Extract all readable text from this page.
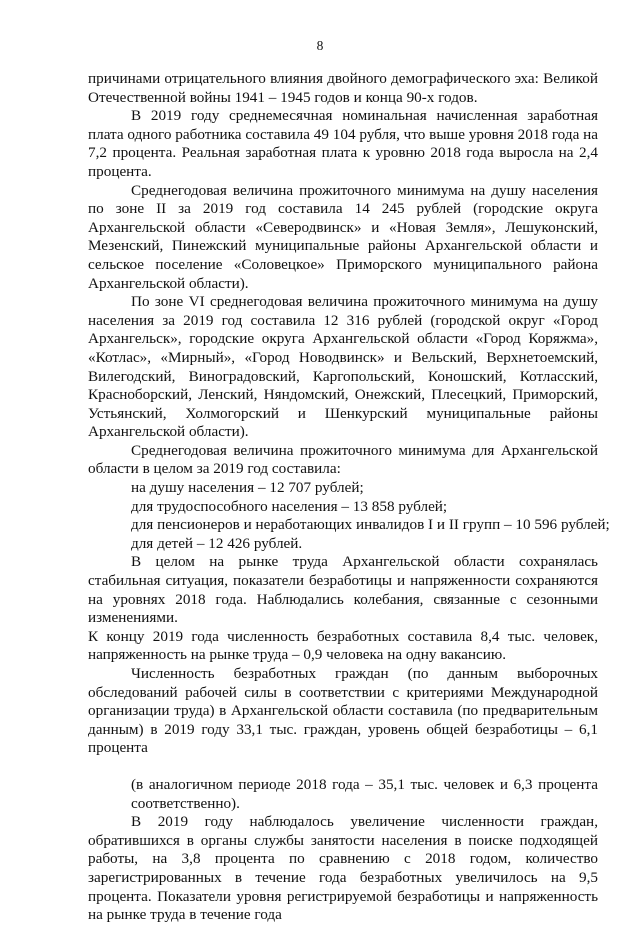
8

причинами отрицательного влияния двойного демографического эха: Великой Отечественной войны 1941 – 1945 годов и конца 90-х годов.

В 2019 году среднемесячная номинальная начисленная заработная плата одного работника составила 49 104 рубля, что выше уровня 2018 года на 7,2 процента. Реальная заработная плата к уровню 2018 года выросла на 2,4 процента.

Среднегодовая величина прожиточного минимума на душу населения по зоне II за 2019 год составила 14 245 рублей (городские округа Архангельской области «Северодвинск» и «Новая Земля», Лешуконский, Мезенский, Пинежский муниципальные районы Архангельской области и сельское поселение «Соловецкое» Приморского муниципального района Архангельской области).

По зоне VI среднегодовая величина прожиточного минимума на душу населения за 2019 год составила 12 316 рублей (городской округ «Город Архангельск», городские округа Архангельской области «Город Коряжма», «Котлас», «Мирный», «Город Новодвинск» и Вельский, Верхнетоемский, Вилегодский, Виноградовский, Каргопольский, Коношский, Котласский, Красноборский, Ленский, Няндомский, Онежский, Плесецкий, Приморский, Устьянский, Холмогорский и Шенкурский муниципальные районы Архангельской области).

Среднегодовая величина прожиточного минимума для Архангельской области в целом за 2019 год составила:

на душу населения – 12 707 рублей;

для трудоспособного населения – 13 858 рублей;

для пенсионеров и неработающих инвалидов I и II групп – 10 596 рублей;

для детей – 12 426 рублей.

В целом на рынке труда Архангельской области сохранялась стабильная ситуация, показатели безработицы и напряженности сохраняются на уровнях 2018 года. Наблюдались колебания, связанные с сезонными изменениями.

К концу 2019 года численность безработных составила 8,4 тыс. человек, напряженность на рынке труда – 0,9 человека на одну вакансию.

Численность безработных граждан (по данным выборочных обследований рабочей силы в соответствии с критериями Международной организации труда) в Архангельской области составила (по предварительным данным) в 2019 году 33,1 тыс. граждан, уровень общей безработицы – 6,1 процента

(в аналогичном периоде 2018 года – 35,1 тыс. человек и 6,3 процента соответственно).

В 2019 году наблюдалось увеличение численности граждан, обратившихся в органы службы занятости населения в поиске подходящей работы, на 3,8 процента по сравнению с 2018 годом, количество зарегистрированных в течение года безработных увеличилось на 9,5 процента. Показатели уровня регистрируемой безработицы и напряженность на рынке труда в течение года
